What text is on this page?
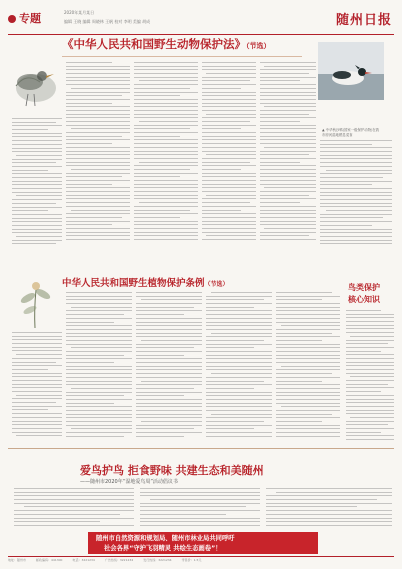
专题	2020年某月某日
编辑 王晓 编辑 周晓林 王帆 校对 李明 美编 胡成	随州日报
《中华人民共和国野生动物保护法》（节选）
▲ 中华秋沙鸭(国家一级保护动物)在我市府河湿地栖息觅食
中华人民共和国野生植物保护条例（节选）	鸟类保护
核心知识
爱鸟护鸟 拒食野味 共建生态和美随州
——随州市2020年“湿地爱鸟周”活动倡议书
随州市自然资源和规划局、随州市林业局共同呼吁
社会各界“守护飞羽精灵 共绘生态画卷”！
地址：随州市	邮政编码：441300	电话：3221234	广告热线：3221234	发行热线：3221234	零售价：1.5元
